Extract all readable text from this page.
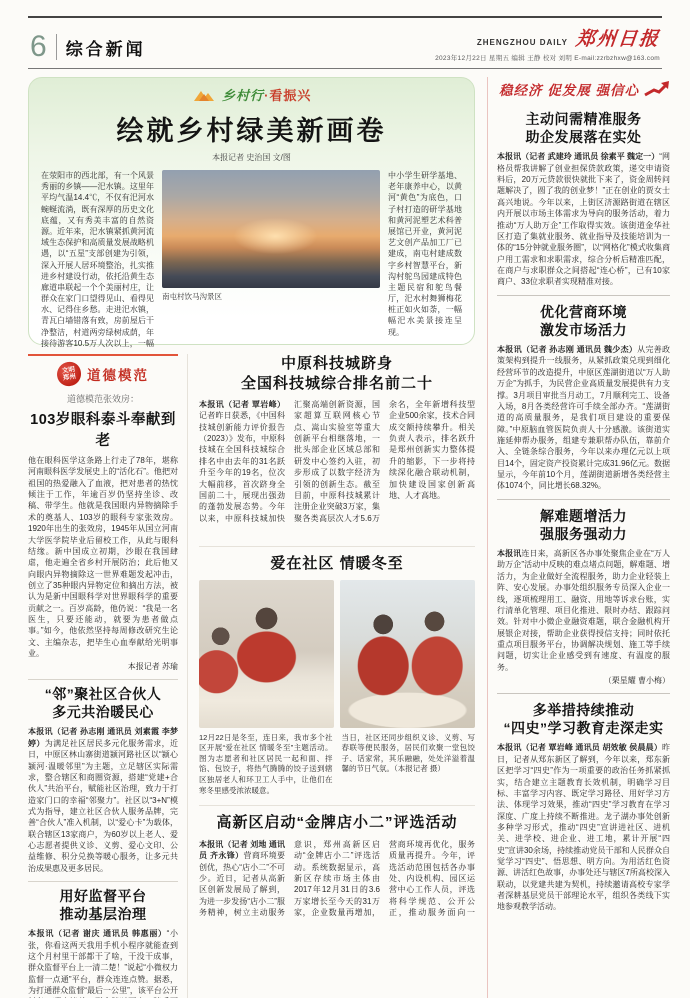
6 综合新闻	ZHENGZHOU DAILY 郑州日报
2023年12月22日 星期五 编辑 王静 校对 刘明 E-mail:zzrbzhxw@163.com
乡村行·看振兴
绘就乡村绿美新画卷
本报记者 史治国 文/图

在荥阳市的西北部，有一个风景秀丽的乡镇——汜水镇。这里年平均气温14.4℃，不仅有汜河水蜿蜒流淌，既有深厚的历史文化底蕴，又有秀美丰富的自然资源。近年来，汜水镇紧抓黄河流域生态保护和高质量发展战略机遇，以“五星”支部创建为引领，深入开展人居环境整治，扎实推进乡村建设行动，依托沿黄生态廊道串联起一个个美丽村庄，让群众在家门口望得见山、看得见水、记得住乡愁。走进汜水镇，青瓦白墙错落有致，房前屋后干净整洁，村道两旁绿树成荫，年接待游客10.5万人次以上，一幅

南屯村饮马沟景区

中小学生研学基地、老年康养中心，以黄河“黄色”为底色，口子村打造的研学基地和黄河泥塑艺术科普展馆已开业，黄河泥艺文创产品加工厂已建成，南屯村建成数字乡村智慧平台，新沟村鸵鸟园建成特色主题民宿和鸵鸟餐厅，汜水村舞狮梅花桩正如火如荼，一幅幅汜水美景接连呈现。

文明
郑州 道德模范
道德模范张效房：
103岁眼科泰斗奉献到老

他在眼科医学这条路上行走了78年，堪称河南眼科医学发展史上的“活化石”。他把对祖国的热爱融入了血液，把对患者的热忱倾注于工作，年逾百岁仍坚持坐诊、改稿、带学生。他就是我国眼内异物摘除手术的奠基人、103岁的眼科专家张效房。1920年出生的张效房，1945年从国立河南大学医学院毕业后留校工作，从此与眼科结缘。新中国成立初期，沙眼在我国肆虐，他走遍全省乡村开展防治；此后他又向眼内异物摘除这一世界难题发起冲击，创立了35种眼内异物定位和摘出方法，被认为是新中国眼科学对世界眼科学的重要贡献之一。百岁高龄，他仍说：“我是一名医生，只要还能动，就要为患者做点事。”如今，他依然坚持每周修改研究生论文、主编杂志，把毕生心血奉献给光明事业。

本报记者 苏瑜
“邻”聚社区合伙人
多元共治暖民心

本报讯（记者 孙志刚 通讯员 刘素霞 李梦婷）为满足社区居民多元化服务需求，近日，中原区林山寨街道颍河路社区以“颍心颍河·温暖邻里”为主题，立足辖区实际需求，整合辖区和商圈资源，搭建“党建+合伙人”共治平台，赋能社区治理，致力于打造家门口的幸福“邻聚力”。社区以“3+N”模式为指导，建立社区合伙人服务品牌，完善“合伙人”准入机制，以“爱心卡”为载体，联合辖区13家商户，为60岁以上老人、爱心志愿者提供义诊、义剪、爱心文印、公益维修、积分兑换等暖心服务，让多元共治成果惠及更多居民。

用好监督平台
推动基层治理

本报讯（记者 谢庆 通讯员 韩惠丽）“小张，你看这两天我用手机小程序就能查到这个月村里干部都干了啥，干没干成事，群众监督平台上一清二楚！”说起“小微权力监督一点通”平台，群众连连点赞。据悉，为打通群众监督“最后一公里”，该平台公开

中原科技城跻身
全国科技城综合排名前二十

本报讯（记者 覃岩峰）记者昨日获悉，《中国科技城创新能力评价报告（2023）》发布，中原科技城在全国科技城综合排名中由去年的31名跃升至今年的19名，位次大幅前移，首次跻身全国前二十，展现出强劲的蓬勃发展态势。今年以来，中原科技城加快汇聚高端创新资源，国家超算互联网核心节点、嵩山实验室等重大创新平台相继落地，一批头部企业区域总部和研发中心签约入驻，初步形成了以数字经济为引领的创新生态。截至目前，中原科技城累计注册企业突破3万家，集聚各类高层次人才5.6万余名，全年新增科技型企业500余家，技术合同成交额持续攀升。相关负责人表示，排名跃升是郑州创新实力整体提升的缩影，下一步将持续深化融合联动机制，加快建设国家创新高地、人才高地。

爱在社区 情暖冬至

12月22日是冬至，连日来，我市多个社区开展“爱在社区 情暖冬至”主题活动。图为志愿者和社区居民一起和面、拌馅、包饺子，将热气腾腾的饺子送到辖区独居老人和环卫工人手中，让他们在寒冬里感受浓浓暖意。

当日，社区还同步组织义诊、义剪、写春联等便民服务，居民们欢聚一堂包饺子、话家常，其乐融融，处处洋溢着温馨的节日气氛。（本报记者 摄）

高新区启动“金牌店小二”评选活动

本报讯（记者 刘地 通讯员 齐永锋）营商环境要创优，热心“店小二”不可少。近日，记者从高新区创新发展局了解到，为进一步发扬“店小二”服务精神，树立主动服务意识，郑州高新区启动“金牌店小二”评选活动。系统数据显示，高新区存续市场主体由2017年12月31日的3.6万家增长至今天的31万家，企业数量再增加，营商环境再优化，服务质量再提升。今年，评选活动范围包括各办事处、内设机构、园区运营中心工作人员，评选将科学规范、公开公正，推动服务面向一

稳经济 促发展 强信心
主动问需精准服务
助企发展落在实处

本报讯（记者 武建玲 通讯员 徐素平 魏定一）“网格员帮我讲解了创业担保贷款政策，递交申请资料后，20万元贷款很快就批下来了，资金周转问题解决了，圆了我的创业梦！”正在创业的贾女士高兴地说。今年以来，上街区济源路街道在辖区内开展以市场主体需求为导向的服务活动，着力推动“万人助万企”工作取得实效。该街道金华社区打造了集就业服务、就业指导及技能培训为一体的“15分钟就业服务圈”，以“网格化”模式收集商户用工需求和求职需求，综合分析后精准匹配，在商户与求职群众之间搭起“连心桥”，已有10家商户、33位求职者实现精准对接。

优化营商环境
激发市场活力

本报讯（记者 孙志刚 通讯员 魏少杰）从完善政策架构到提升一线服务，从紧抓政策兑现到细化经营环节的改造提升，中原区莲湖街道以“万人助万企”为抓手，为民营企业高质量发展提供有力支撑。3月项目审批当月动工，7月顺利完工、设备入场，8月各类经营许可手续全部办齐。“莲湖街道的高质量服务，是我们项目建设的重要保障。”中原脑血管医院负责人十分感激。该街道实施延伸帮办服务，组建专兼职帮办队伍，靠前介入、全链条综合服务，今年以来办理亿元以上项目14个，固定资产投资累计完成31.96亿元。数据显示，今年前10个月，莲湖街道新增各类经营主体1074个，同比增长68.32%。

解难题增活力
强服务强动力

本报讯连日来，高新区各办事处聚焦企业在“万人助万企”活动中反映的难点堵点问题，解难题、增活力，为企业做好全流程服务，助力企业轻装上阵、安心发展。办事处组织服务专员深入企业一线，逐项梳理用工、融资、用地等诉求台账，实行清单化管理、项目化推进、限时办结、跟踪问效。针对中小微企业融资难题，联合金融机构开展银企对接，帮助企业获得授信支持；同时依托重点项目服务平台，协调解决规划、施工等手续问题，切实让企业感受到有速度、有温度的服务。

（栗星耀 曹小梅）
多举措持续推动
“四史”学习教育走深走实

本报讯（记者 覃岩峰 通讯员 胡效敏 侯晨晨）昨日，记者从郑东新区了解到，今年以来，郑东新区把学习“四史”作为一项重要的政治任务抓紧抓实，结合建立主题教育长效机制，明确学习目标、丰富学习内容、既定学习路径、用好学习方法、体现学习效果，推动“四史”学习教育在学习深度、广度上持续不断推进。龙子湖办事处创新多种学习形式，推动“四史”宣讲进社区、进机关、进学校、进企业、进工地，累计开展“四史”宣讲30余场，持续推动党员干部和人民群众自觉学习“四史”、悟思想、明方向。为用活红色资源、讲活红色故事，办事处还与辖区7所高校深入联动，以党建共建为契机，持续邀请高校专家学者深耕基层党员干部理论水平，组织各类线下实地参观教学活动。
